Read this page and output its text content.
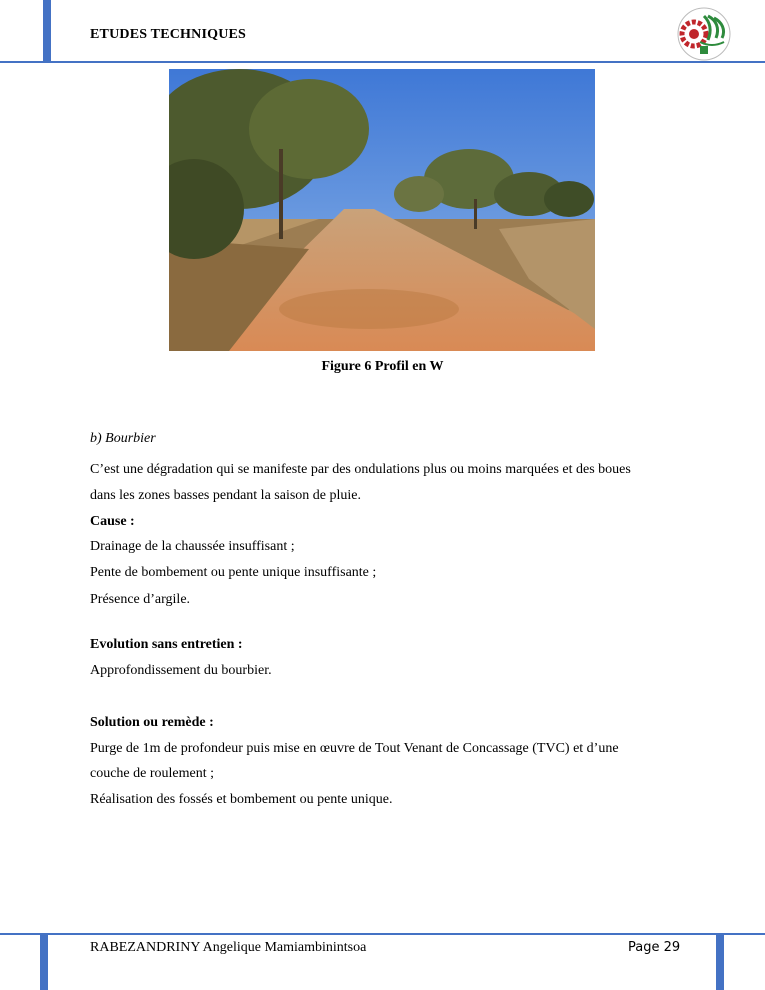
ETUDES TECHNIQUES
Figure 6 Profil en W
b) Bourbier
C’est une dégradation qui se manifeste par des ondulations plus ou moins marquées et des boues
dans les zones basses pendant la saison de pluie.
Cause :
Drainage de la chaussée insuffisant ;
Pente de bombement ou pente unique insuffisante ;
Présence d’argile.
Evolution sans entretien :
Approfondissement du bourbier.
Solution ou remède :
Purge de 1m de profondeur puis mise en œuvre de Tout Venant de Concassage (TVC) et d’une
couche de roulement ;
Réalisation des fossés et bombement ou pente unique.
RABEZANDRINY Angelique Mamiambinintsoa	Page 29
